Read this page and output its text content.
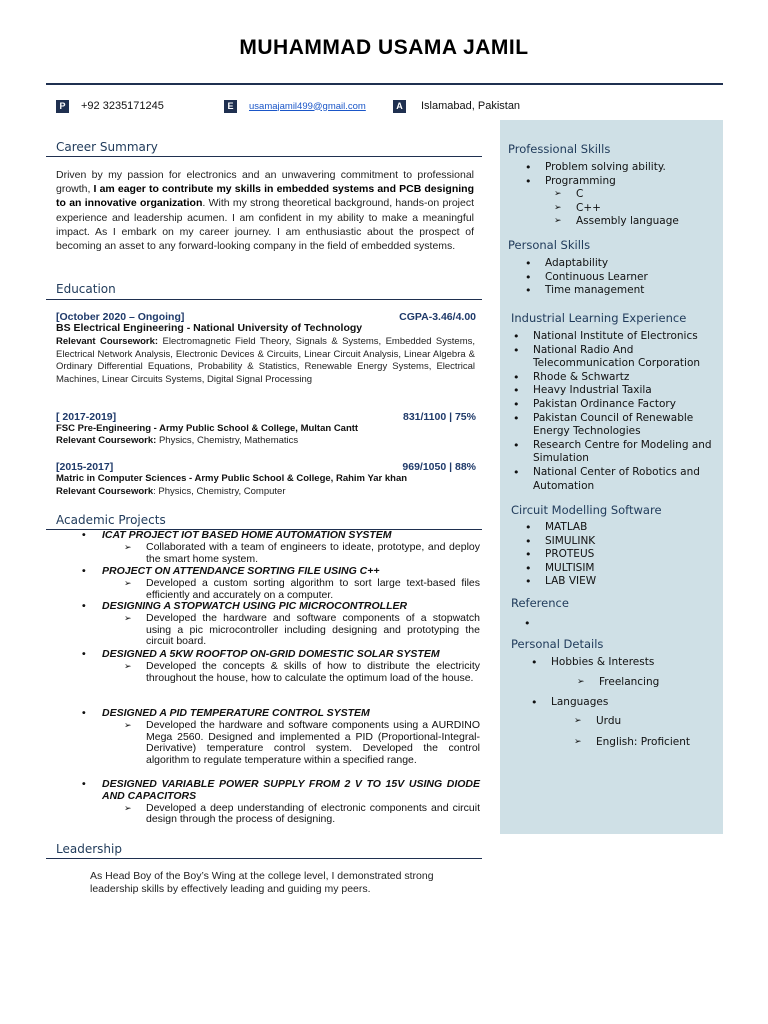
MUHAMMAD USAMA JAMIL
P	+92 3235171245	E	usamajamil499@gmail.com	A Islamabad, Pakistan
Career Summary
Driven by my passion for electronics and an unwavering commitment to professional growth, I am eager to contribute my skills in embedded systems and PCB designing to an innovative organization. With my strong theoretical background, hands-on project experience and leadership acumen. I am confident in my ability to make a meaningful impact. As I embark on my career journey. I am enthusiastic about the prospect of becoming an asset to any forward-looking company in the field of embedded systems.
Education
[October 2020 – Ongoing]	CGPA-3.46/4.00
BS Electrical Engineering - National University of Technology
Relevant Coursework: Electromagnetic Field Theory, Signals & Systems, Embedded Systems, Electrical Network Analysis, Electronic Devices & Circuits, Linear Circuit Analysis, Linear Algebra & Ordinary Differential Equations, Probability & Statistics, Renewable Energy Systems, Electrical Machines, Linear Circuits Systems, Digital Signal Processing
[ 2017-2019]	831/1100 | 75%
FSC Pre-Engineering - Army Public School & College, Multan Cantt
Relevant Coursework: Physics, Chemistry, Mathematics
[2015-2017]	969/1050 | 88%
Matric in Computer Sciences - Army Public School & College, Rahim Yar khan
Relevant Coursework: Physics, Chemistry, Computer
Academic Projects
• ICAT PROJECT IOT BASED HOME AUTOMATION SYSTEM
➢ Collaborated with a team of engineers to ideate, prototype, and deploy the smart home system.
• PROJECT ON ATTENDANCE SORTING FILE USING C++
➢ Developed a custom sorting algorithm to sort large text-based files efficiently and accurately on a computer.
• DESIGNING A STOPWATCH USING PIC MICROCONTROLLER
➢ Developed the hardware and software components of a stopwatch using a pic microcontroller including designing and prototyping the circuit board.
• DESIGNED A 5KW ROOFTOP ON-GRID DOMESTIC SOLAR SYSTEM
➢ Developed the concepts & skills of how to distribute the electricity throughout the house, how to calculate the optimum load of the house.
• DESIGNED A PID TEMPERATURE CONTROL SYSTEM
➢ Developed the hardware and software components using a AURDINO Mega 2560. Designed and implemented a PID (Proportional-Integral-Derivative) temperature control system. Developed the control algorithm to regulate temperature within a specified range.
• DESIGNED VARIABLE POWER SUPPLY FROM 2 V TO 15V USING DIODE AND CAPACITORS
➢ Developed a deep understanding of electronic components and circuit design through the process of designing.
Leadership
As Head Boy of the Boy’s Wing at the college level, I demonstrated strong leadership skills by effectively leading and guiding my peers.
Professional Skills
• Problem solving ability.
• Programming
➢ C
➢ C++
➢ Assembly language
Personal Skills
• Adaptability
• Continuous Learner
• Time management
Industrial Learning Experience
• National Institute of Electronics
• National Radio And Telecommunication Corporation
• Rhode & Schwartz
• Heavy Industrial Taxila
• Pakistan Ordinance Factory
• Pakistan Council of Renewable Energy Technologies
• Research Centre for Modeling and Simulation
• National Center of Robotics and Automation
Circuit Modelling Software
• MATLAB
• SIMULINK
• PROTEUS
• MULTISIM
• LAB VIEW
Reference
•
Personal Details
• Hobbies & Interests
➢ Freelancing
• Languages
➢ Urdu
➢ English: Proficient
